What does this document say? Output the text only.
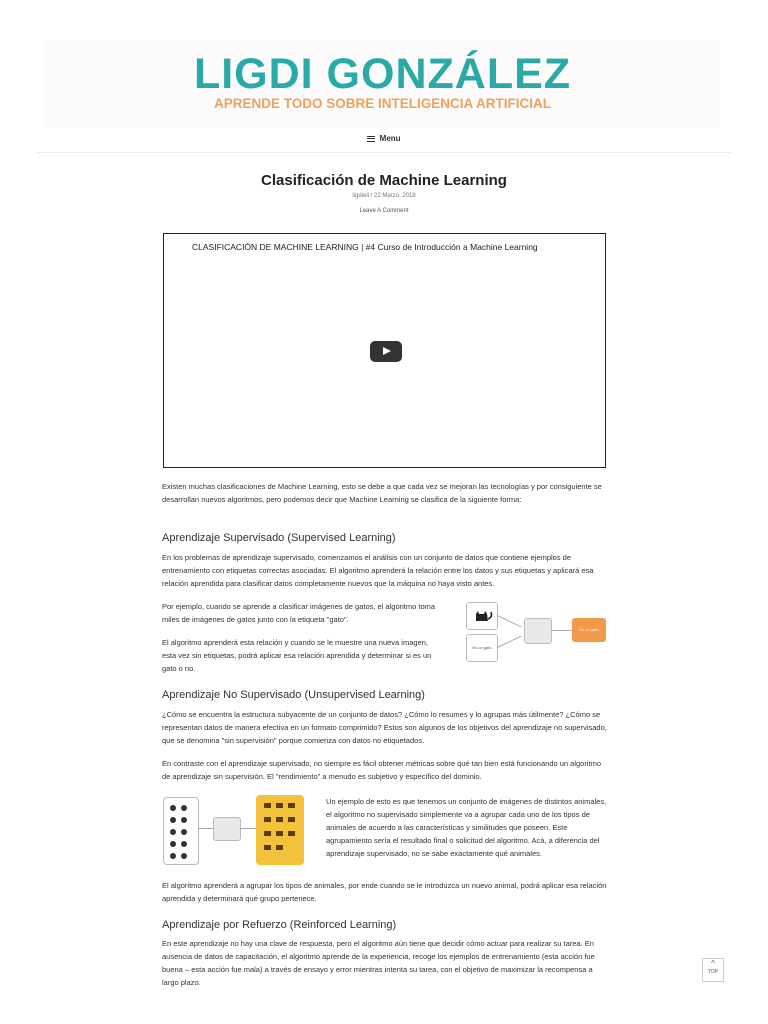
LIGDI GONZÁLEZ
APRENDE TODO SOBRE INTELIGENCIA ARTIFICIAL
Menu
Clasificación de Machine Learning
ligdieli / 22 Marzo, 2018
Leave A Comment
CLASIFICACIÓN DE MACHINE LEARNING | #4 Curso de Introducción a Machine Learning

Existen muchas clasificaciones de Machine Learning, esto se debe a que cada vez se mejoran las tecnologías y por consiguiente se desarrollan nuevos algoritmos, pero podemos decir que Machine Learning se clasifica de la siguiente forma:

Aprendizaje Supervisado (Supervised Learning)

En los problemas de aprendizaje supervisado, comenzamos el análisis con un conjunto de datos que contiene ejemplos de entrenamiento con etiquetas correctas asociadas. El algoritmo aprenderá la relación entre los datos y sus etiquetas y aplicará esa relación aprendida para clasificar datos completamente nuevos que la máquina no haya visto antes.

Por ejemplo, cuando se aprende a clasificar imágenes de gatos, el algoritmo toma miles de imágenes de gatos junto con la etiqueta "gato".

El algoritmo aprenderá esta relación y cuando se le muestre una nueva imagen, esta vez sin etiquetas, podrá aplicar esa relación aprendida y determinar si es un gato o no.

Es un gato
Es un gato
Aprendizaje No Supervisado (Unsupervised Learning)

¿Cómo se encuentra la estructura subyacente de un conjunto de datos? ¿Cómo lo resumes y lo agrupas más útilmente? ¿Cómo se representan datos de manera efectiva en un formato comprimido? Estos son algunos de los objetivos del aprendizaje no supervisado, que se denomina "sin supervisión" porque comienza con datos no etiquetados.

En contraste con el aprendizaje supervisado, no siempre es fácil obtener métricas sobre qué tan bien está funcionando un algoritmo de aprendizaje sin supervisión. El "rendimiento" a menudo es subjetivo y específico del dominio.

Un ejemplo de esto es que tenemos un conjunto de imágenes de distintos animales, el algoritmo no supervisado simplemente va a agrupar cada uno de los tipos de animales de acuerdo a las características y similitudes que poseen. Este agrupamiento sería el resultado final o solicitud del algoritmo. Acá, a diferencia del aprendizaje supervisado, no se sabe exactamente qué animales.

El algoritmo aprenderá a agrupar los tipos de animales, por ende cuando se le introduzca un nuevo animal, podrá aplicar esa relación aprendida y determinará qué grupo pertenece.

Aprendizaje por Refuerzo (Reinforced Learning)

En este aprendizaje no hay una clave de respuesta, pero el algoritmo aún tiene que decidir cómo actuar para realizar su tarea. En ausencia de datos de capacitación, el algoritmo aprende de la experiencia, recoge los ejemplos de entrenamiento (esta acción fue buena – esta acción fue mala) a través de ensayo y error mientras intenta su tarea, con el objetivo de maximizar la recompensa a largo plazo.

^
TOP
